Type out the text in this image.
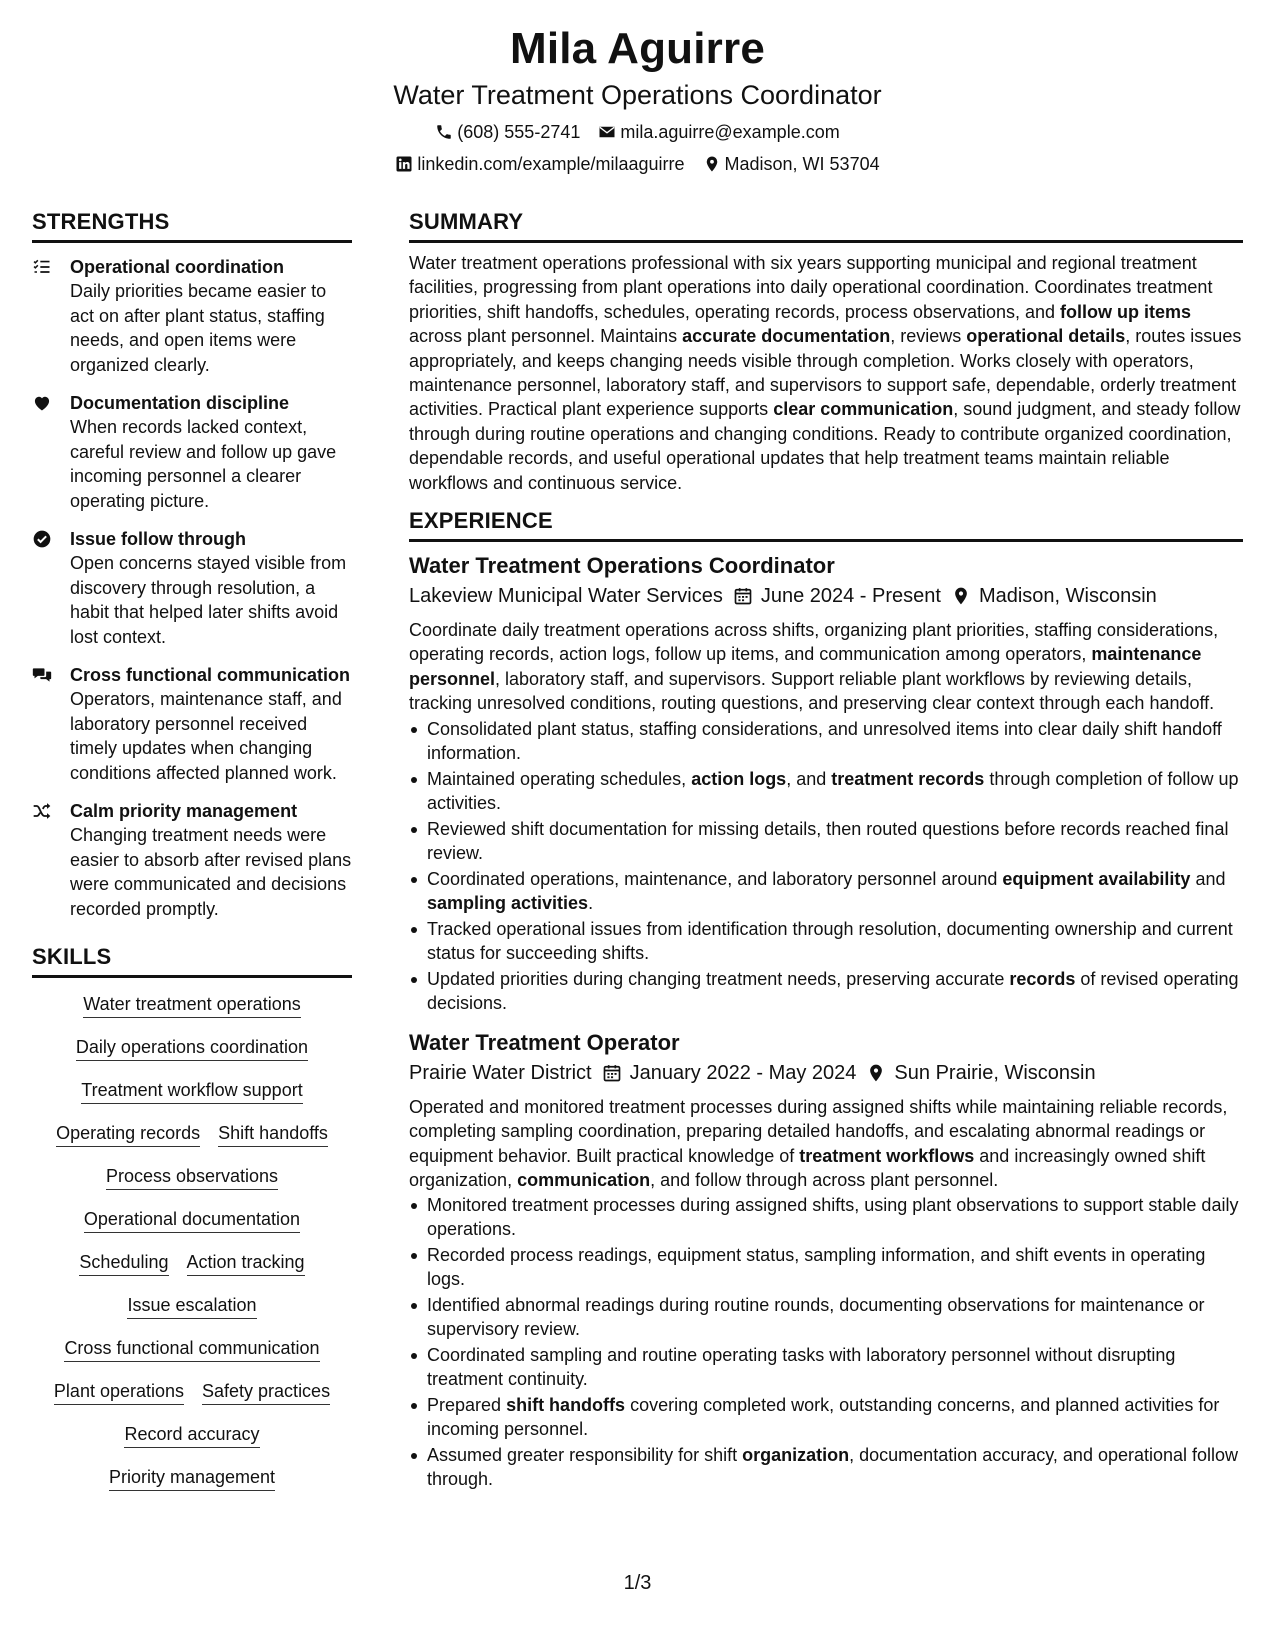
Mila Aguirre
Water Treatment Operations Coordinator
(608) 555-2741 mila.aguirre@example.com
linkedin.com/example/milaaguirre Madison, WI 53704
STRENGTHS
Operational coordination
Daily priorities became easier to act on after plant status, staffing needs, and open items were organized clearly.
Documentation discipline
When records lacked context, careful review and follow up gave incoming personnel a clearer operating picture.
Issue follow through
Open concerns stayed visible from discovery through resolution, a habit that helped later shifts avoid lost context.
Cross functional communication
Operators, maintenance staff, and laboratory personnel received timely updates when changing conditions affected planned work.
Calm priority management
Changing treatment needs were easier to absorb after revised plans were communicated and decisions recorded promptly.
SKILLS
Water treatment operations
Daily operations coordination
Treatment workflow support
Operating records Shift handoffs
Process observations
Operational documentation
Scheduling Action tracking
Issue escalation
Cross functional communication
Plant operations Safety practices
Record accuracy
Priority management
SUMMARY

Water treatment operations professional with six years supporting municipal and regional treatment facilities, progressing from plant operations into daily operational coordination. Coordinates treatment priorities, shift handoffs, schedules, operating records, process observations, and follow up items across plant personnel. Maintains accurate documentation, reviews operational details, routes issues appropriately, and keeps changing needs visible through completion. Works closely with operators, maintenance personnel, laboratory staff, and supervisors to support safe, dependable, orderly treatment activities. Practical plant experience supports clear communication, sound judgment, and steady follow through during routine operations and changing conditions. Ready to contribute organized coordination, dependable records, and useful operational updates that help treatment teams maintain reliable workflows and continuous service.

EXPERIENCE
Water Treatment Operations Coordinator
Lakeview Municipal Water Services June 2024 - Present Madison, Wisconsin

Coordinate daily treatment operations across shifts, organizing plant priorities, staffing considerations, operating records, action logs, follow up items, and communication among operators, maintenance personnel, laboratory staff, and supervisors. Support reliable plant workflows by reviewing details, tracking unresolved conditions, routing questions, and preserving clear context through each handoff.

Consolidated plant status, staffing considerations, and unresolved items into clear daily shift handoff information.
Maintained operating schedules, action logs, and treatment records through completion of follow up activities.
Reviewed shift documentation for missing details, then routed questions before records reached final review.
Coordinated operations, maintenance, and laboratory personnel around equipment availability and sampling activities.
Tracked operational issues from identification through resolution, documenting ownership and current status for succeeding shifts.
Updated priorities during changing treatment needs, preserving accurate records of revised operating decisions.
Water Treatment Operator
Prairie Water District January 2022 - May 2024 Sun Prairie, Wisconsin

Operated and monitored treatment processes during assigned shifts while maintaining reliable records, completing sampling coordination, preparing detailed handoffs, and escalating abnormal readings or equipment behavior. Built practical knowledge of treatment workflows and increasingly owned shift organization, communication, and follow through across plant personnel.

Monitored treatment processes during assigned shifts, using plant observations to support stable daily operations.
Recorded process readings, equipment status, sampling information, and shift events in operating logs.
Identified abnormal readings during routine rounds, documenting observations for maintenance or supervisory review.
Coordinated sampling and routine operating tasks with laboratory personnel without disrupting treatment continuity.
Prepared shift handoffs covering completed work, outstanding concerns, and planned activities for incoming personnel.
Assumed greater responsibility for shift organization, documentation accuracy, and operational follow through.
1/3
